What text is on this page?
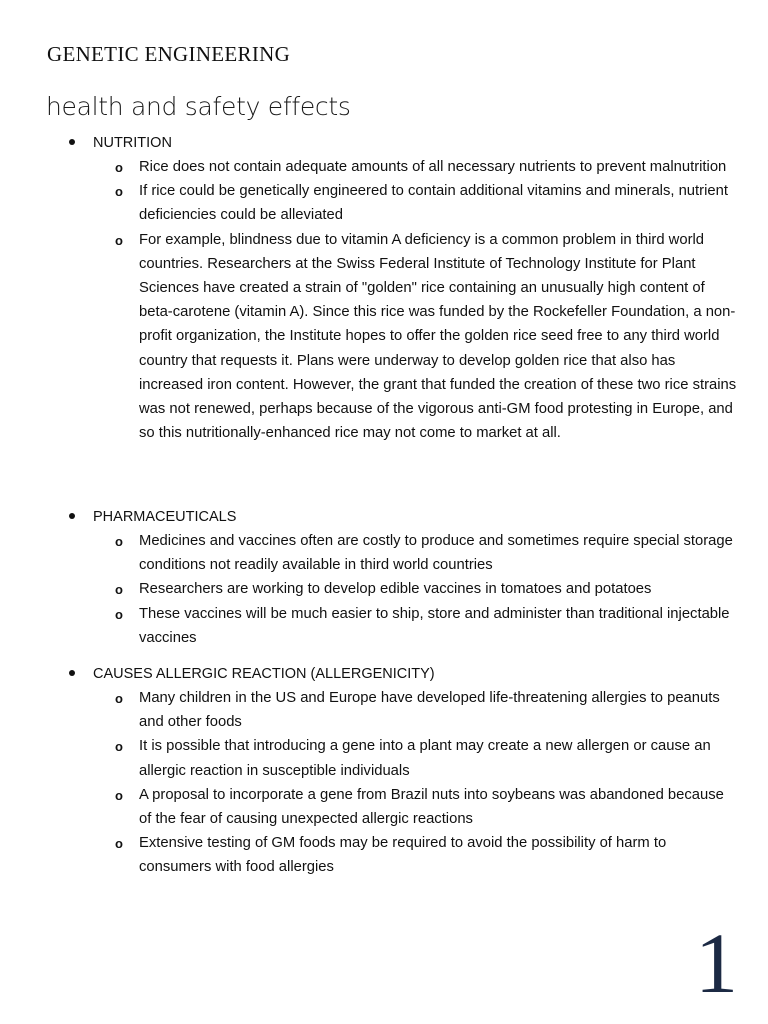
GENETIC ENGINEERING
health and safety effects
NUTRITION
o Rice does not contain adequate amounts of all necessary nutrients to prevent malnutrition
o If rice could be genetically engineered to contain additional vitamins and minerals, nutrient deficiencies could be alleviated
o For example, blindness due to vitamin A deficiency is a common problem in third world countries. Researchers at the Swiss Federal Institute of Technology Institute for Plant Sciences have created a strain of "golden" rice containing an unusually high content of beta-carotene (vitamin A). Since this rice was funded by the Rockefeller Foundation, a non-profit organization, the Institute hopes to offer the golden rice seed free to any third world country that requests it. Plans were underway to develop golden rice that also has increased iron content. However, the grant that funded the creation of these two rice strains was not renewed, perhaps because of the vigorous anti-GM food protesting in Europe, and so this nutritionally-enhanced rice may not come to market at all.
PHARMACEUTICALS
o Medicines and vaccines often are costly to produce and sometimes require special storage conditions not readily available in third world countries
o Researchers are working to develop edible vaccines in tomatoes and potatoes
o These vaccines will be much easier to ship, store and administer than traditional injectable vaccines
CAUSES ALLERGIC REACTION (ALLERGENICITY)
o Many children in the US and Europe have developed life-threatening allergies to peanuts and other foods
o It is possible that introducing a gene into a plant may create a new allergen or cause an allergic reaction in susceptible individuals
o A proposal to incorporate a gene from Brazil nuts into soybeans was abandoned because of the fear of causing unexpected allergic reactions
o Extensive testing of GM foods may be required to avoid the possibility of harm to consumers with food allergies
1
